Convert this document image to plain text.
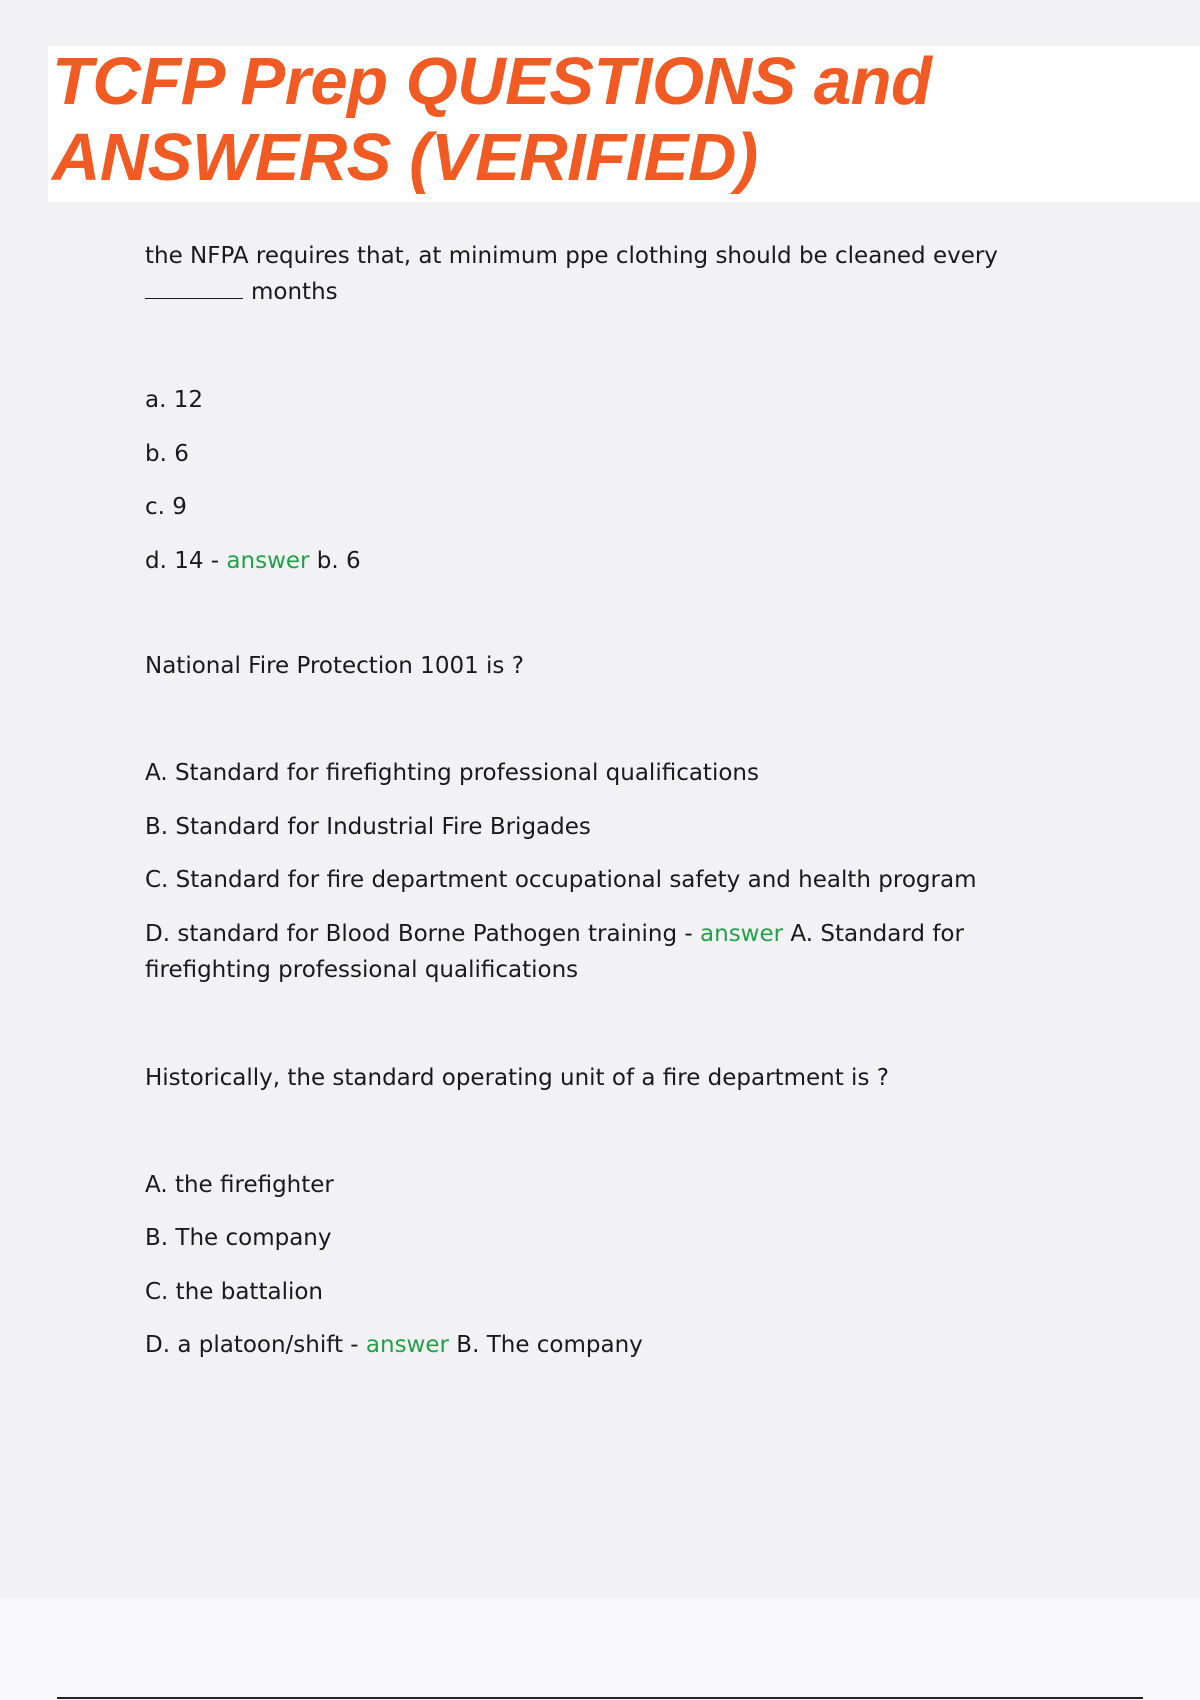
TCFP Prep QUESTIONS and
ANSWERS (VERIFIED)

the NFPA requires that, at minimum ppe clothing should be cleaned every
months

a. 12

b. 6

c. 9

d. 14 - answer b. 6

National Fire Protection 1001 is ?

A. Standard for firefighting professional qualifications

B. Standard for Industrial Fire Brigades

C. Standard for fire department occupational safety and health program

D. standard for Blood Borne Pathogen training - answer A. Standard for firefighting professional qualifications

Historically, the standard operating unit of a fire department is ?

A. the firefighter

B. The company

C. the battalion

D. a platoon/shift - answer B. The company
